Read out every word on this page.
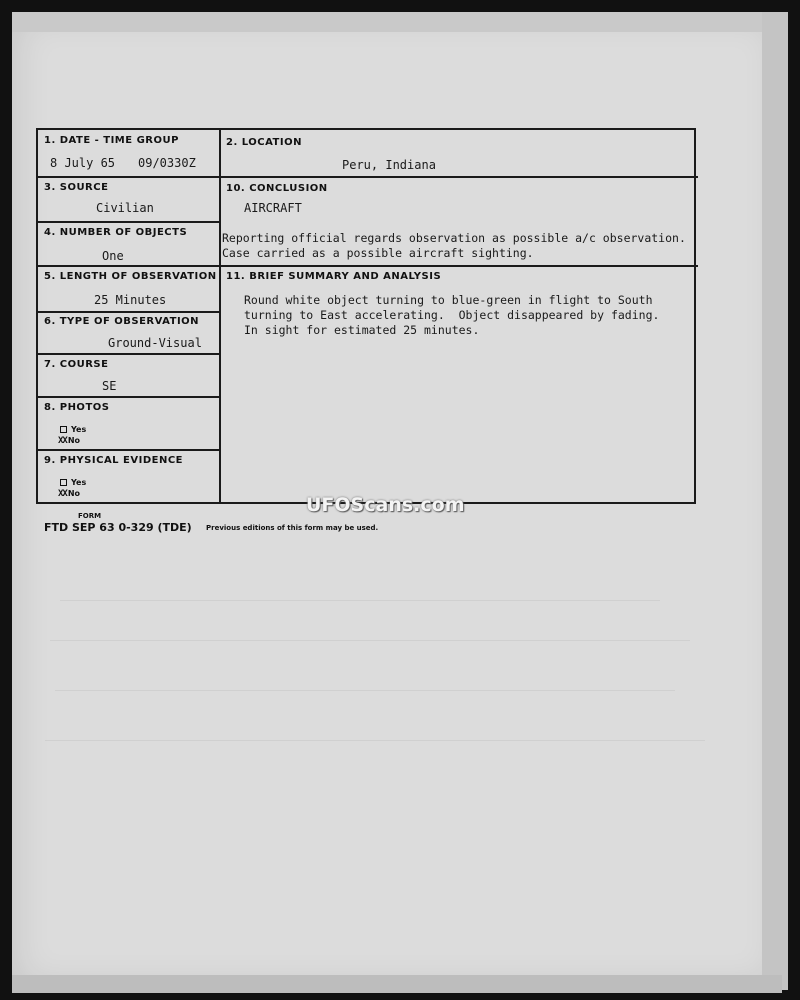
1. DATE - TIME GROUP
8 July 65 09/0330Z
2. LOCATION
Peru, Indiana
3. SOURCE
Civilian
10. CONCLUSION
AIRCRAFT
Reporting official regards observation as possible a/c observation.
Case carried as a possible aircraft sighting.
4. NUMBER OF OBJECTS
One
5. LENGTH OF OBSERVATION
25 Minutes
11. BRIEF SUMMARY AND ANALYSIS
Round white object turning to blue-green in flight to South
turning to East accelerating.  Object disappeared by fading.
In sight for estimated 25 minutes.
6. TYPE OF OBSERVATION
Ground-Visual
7. COURSE
SE
8. PHOTOS
Yes
XXNo
9. PHYSICAL EVIDENCE
Yes
XXNo
UFOScans.com
FORM
FTD SEP 63 0-329 (TDE) Previous editions of this form may be used.
